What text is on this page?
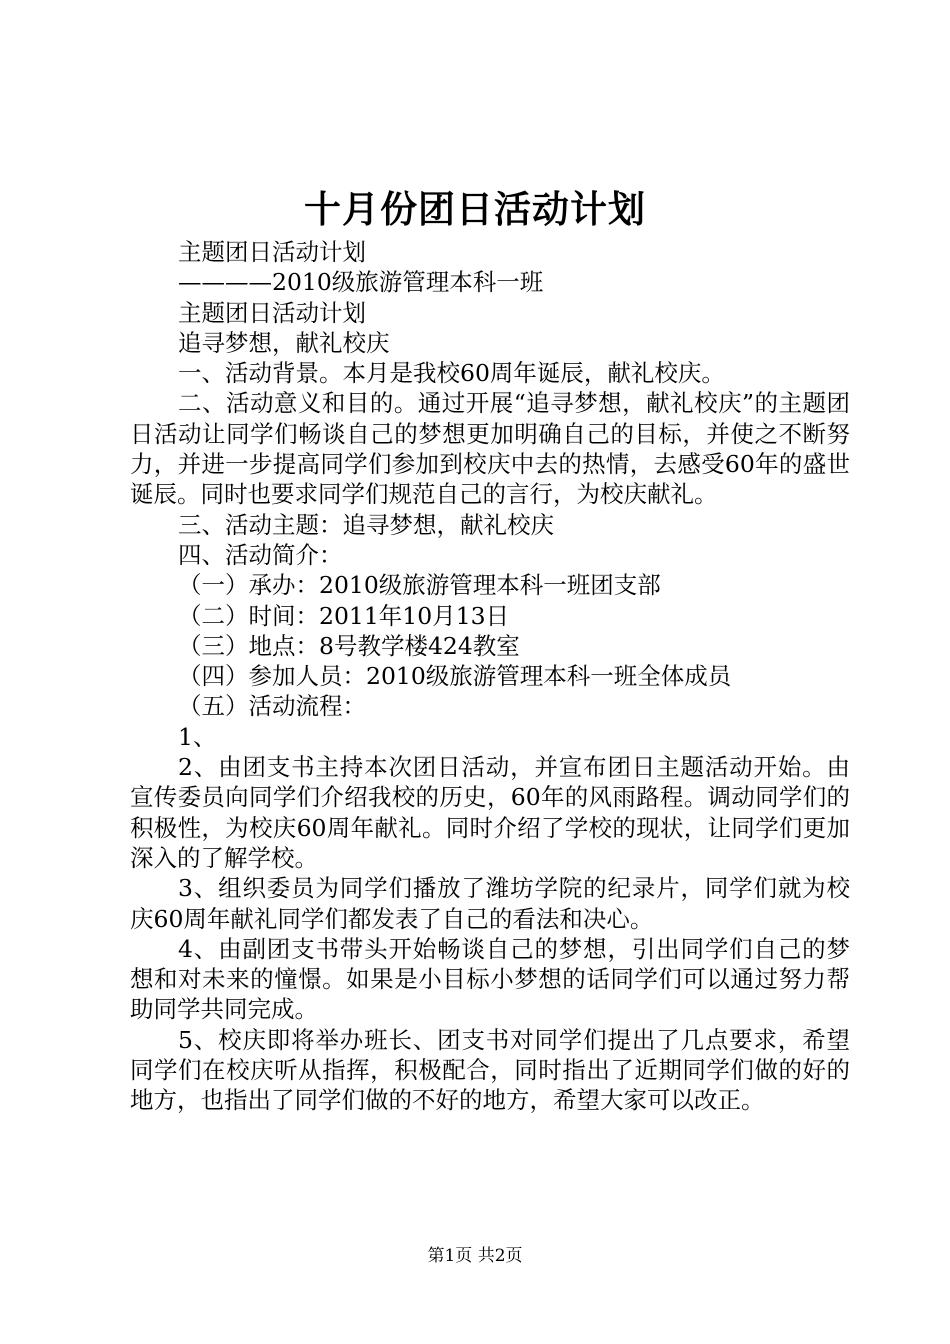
十月份团日活动计划

主题团日活动计划

————2010级旅游管理本科一班

主题团日活动计划

追寻梦想，献礼校庆

一、活动背景。本月是我校60周年诞辰，献礼校庆。

二、活动意义和目的。通过开展“追寻梦想，献礼校庆”的主题团日活动让同学们畅谈自己的梦想更加明确自己的目标，并使之不断努力，并进一步提高同学们参加到校庆中去的热情，去感受60年的盛世诞辰。同时也要求同学们规范自己的言行，为校庆献礼。

三、活动主题：追寻梦想，献礼校庆

四、活动简介：

（一）承办：2010级旅游管理本科一班团支部

（二）时间：2011年10月13日

（三）地点：8号教学楼424教室

（四）参加人员：2010级旅游管理本科一班全体成员

（五）活动流程：

1、

2、由团支书主持本次团日活动，并宣布团日主题活动开始。由宣传委员向同学们介绍我校的历史，60年的风雨路程。调动同学们的积极性，为校庆60周年献礼。同时介绍了学校的现状，让同学们更加深入的了解学校。

3、组织委员为同学们播放了潍坊学院的纪录片，同学们就为校庆60周年献礼同学们都发表了自己的看法和决心。

4、由副团支书带头开始畅谈自己的梦想，引出同学们自己的梦想和对未来的憧憬。如果是小目标小梦想的话同学们可以通过努力帮助同学共同完成。

5、校庆即将举办班长、团支书对同学们提出了几点要求，希望同学们在校庆听从指挥，积极配合，同时指出了近期同学们做的好的地方，也指出了同学们做的不好的地方，希望大家可以改正。

第1页 共2页
